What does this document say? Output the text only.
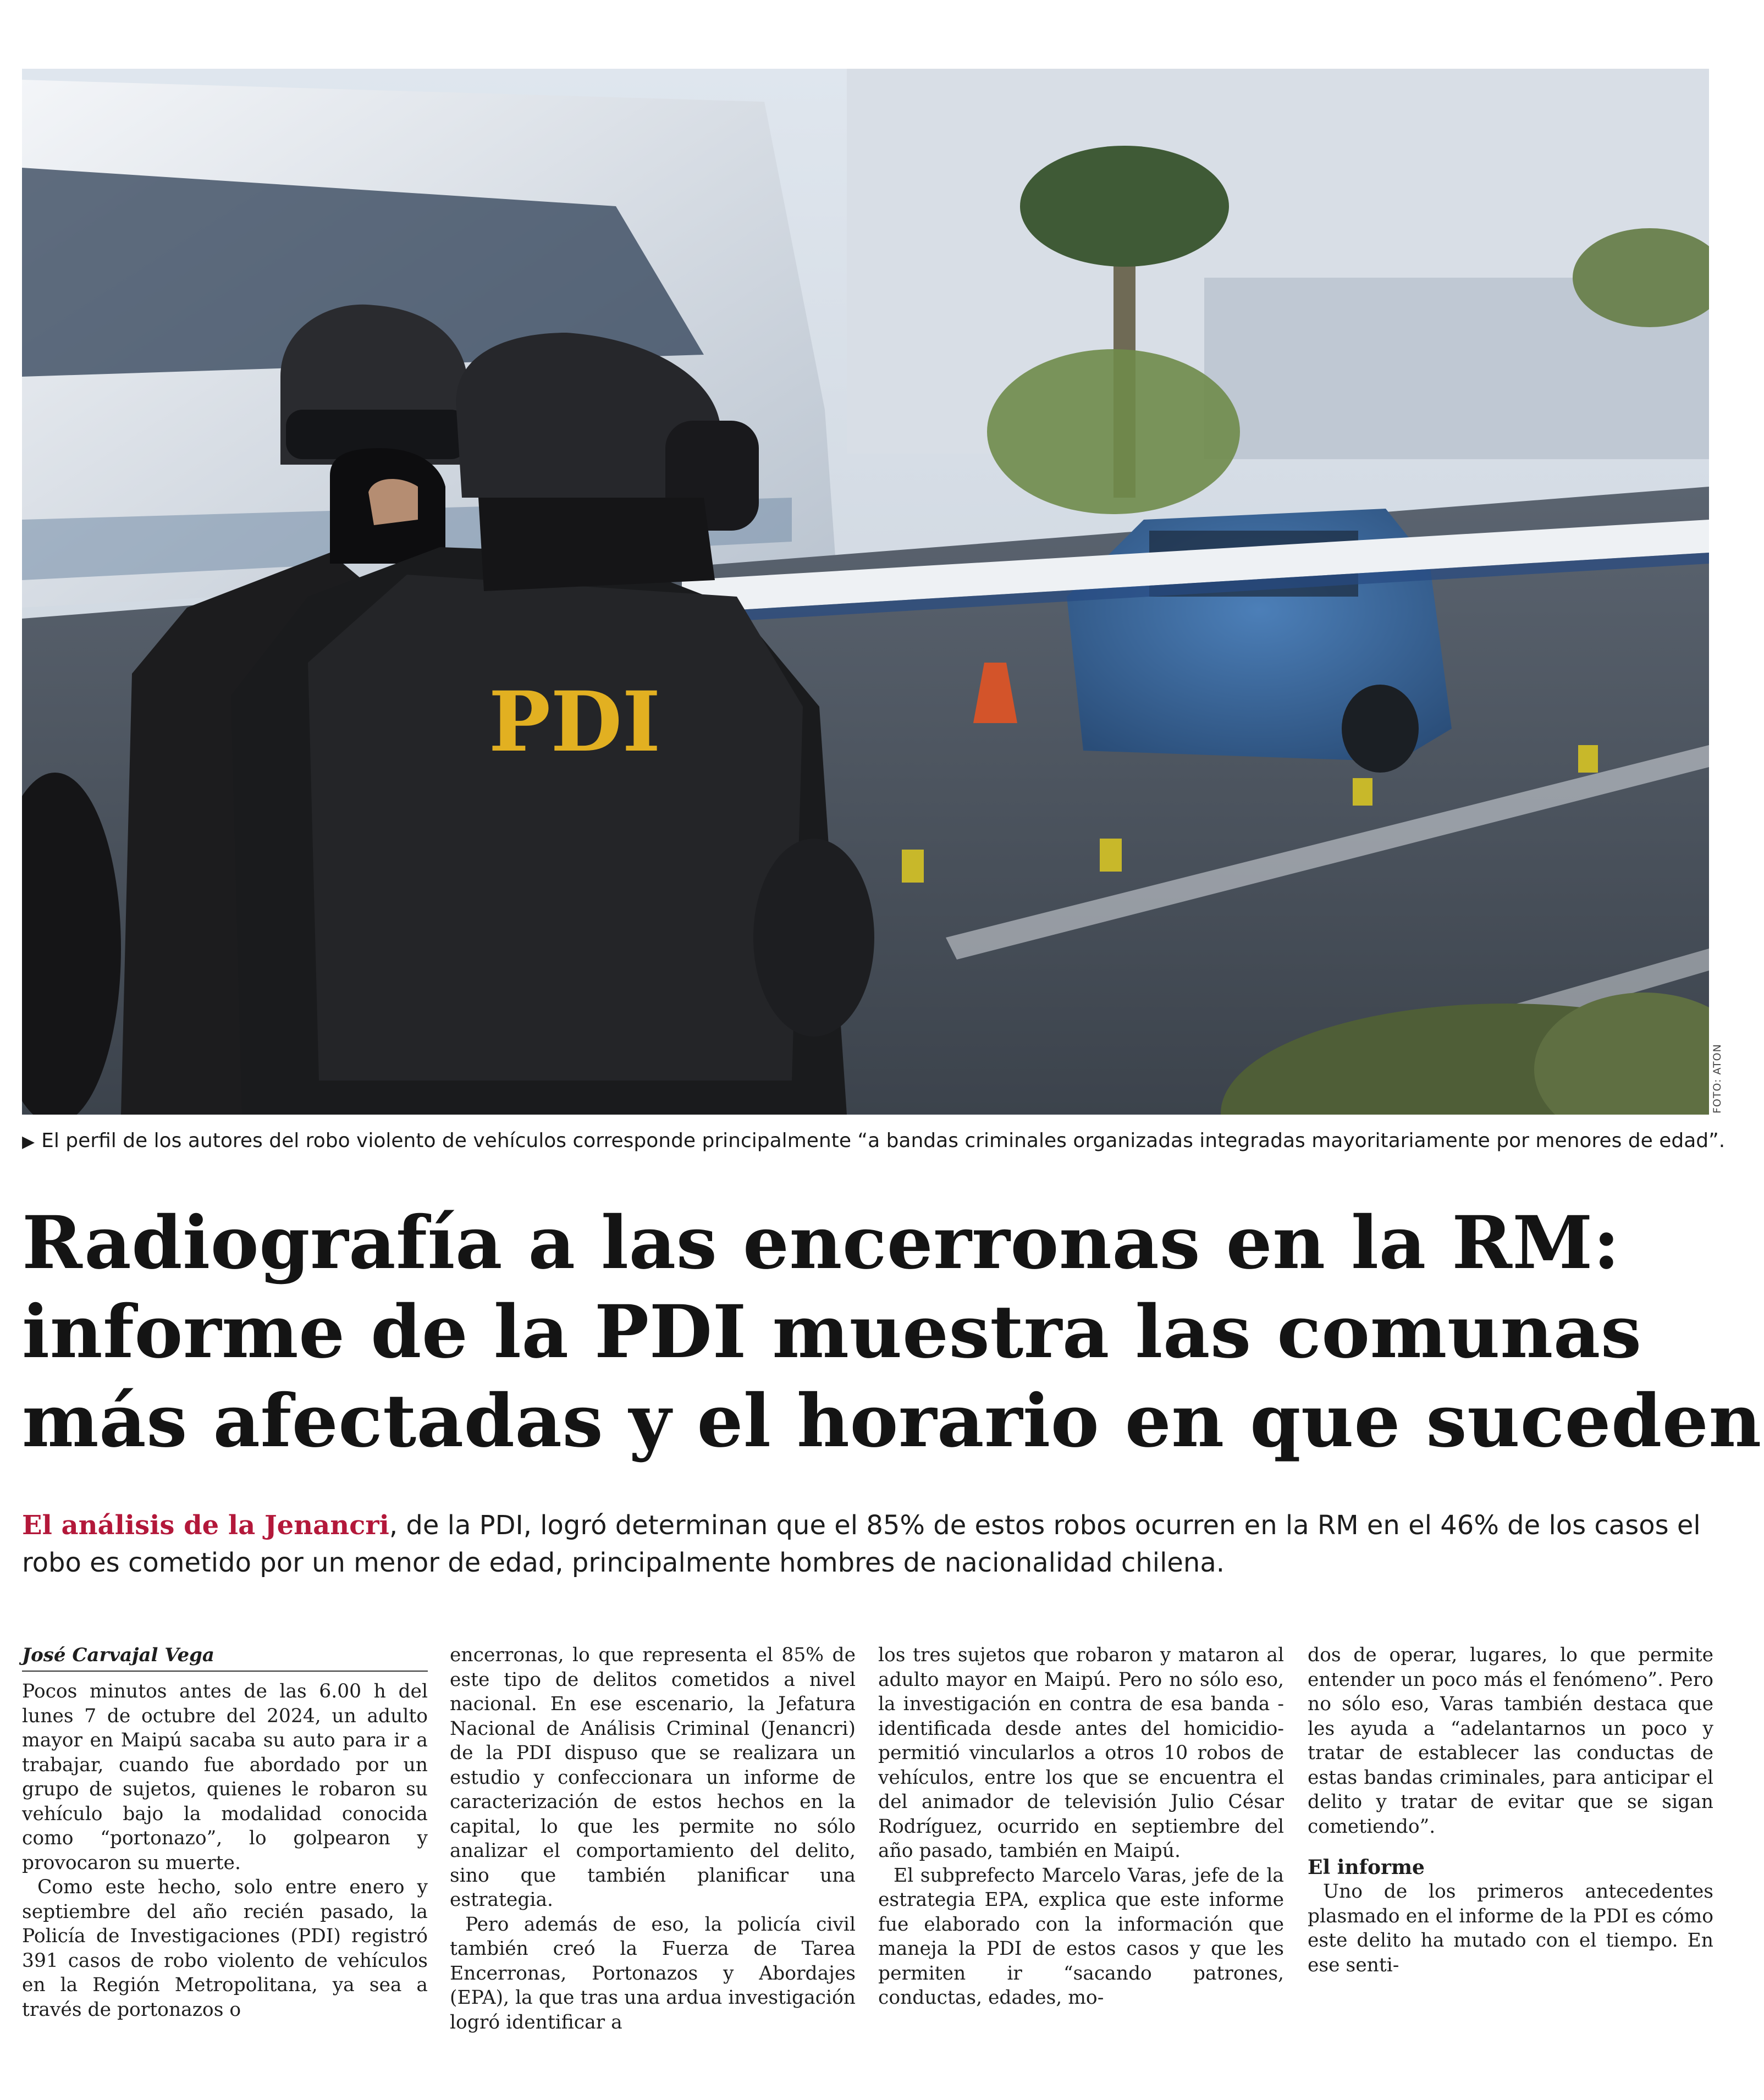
PDI
FOTO: ATON
▶ El perfil de los autores del robo violento de vehículos corresponde principalmente “a bandas criminales organizadas integradas mayoritariamente por menores de edad”.
Radiografía a las encerronas en la RM:
informe de la PDI muestra las comunas
más afectadas y el horario en que suceden
El análisis de la Jenancri, de la PDI, logró determinan que el 85% de estos robos ocurren en la RM en el 46% de los casos el robo es cometido por un menor de edad, principalmente hombres de nacionalidad chilena.
José Carvajal Vega

Pocos minutos antes de las 6.00 h del lunes 7 de octubre del 2024, un adulto mayor en Maipú sacaba su auto para ir a trabajar, cuando fue abordado por un grupo de sujetos, quienes le robaron su vehículo bajo la modalidad conocida como “portonazo”, lo golpearon y provocaron su muerte.

Como este hecho, solo entre enero y septiembre del año recién pasado, la Policía de Investigaciones (PDI) registró 391 casos de robo violento de vehículos en la Región Metropolitana, ya sea a través de portonazos o

encerronas, lo que representa el 85% de este tipo de delitos cometidos a nivel nacional. En ese escenario, la Jefatura Nacional de Análisis Criminal (Jenancri) de la PDI dispuso que se realizara un estudio y confeccionara un informe de caracterización de estos hechos en la capital, lo que les permite no sólo analizar el comportamiento del delito, sino que también planificar una estrategia.

Pero además de eso, la policía civil también creó la Fuerza de Tarea Encerronas, Portonazos y Abordajes (EPA), la que tras una ardua investigación logró identificar a

los tres sujetos que robaron y mataron al adulto mayor en Maipú. Pero no sólo eso, la investigación en contra de esa banda -identificada desde antes del homicidio- permitió vincularlos a otros 10 robos de vehículos, entre los que se encuentra el del animador de televisión Julio César Rodríguez, ocurrido en septiembre del año pasado, también en Maipú.

El subprefecto Marcelo Varas, jefe de la estrategia EPA, explica que este informe fue elaborado con la información que maneja la PDI de estos casos y que les permiten ir “sacando patrones, conductas, edades, mo-

dos de operar, lugares, lo que permite entender un poco más el fenómeno”. Pero no sólo eso, Varas también destaca que les ayuda a “adelantarnos un poco y tratar de establecer las conductas de estas bandas criminales, para anticipar el delito y tratar de evitar que se sigan cometiendo”.

El informe

Uno de los primeros antecedentes plasmado en el informe de la PDI es cómo este delito ha mutado con el tiempo. En ese senti-
